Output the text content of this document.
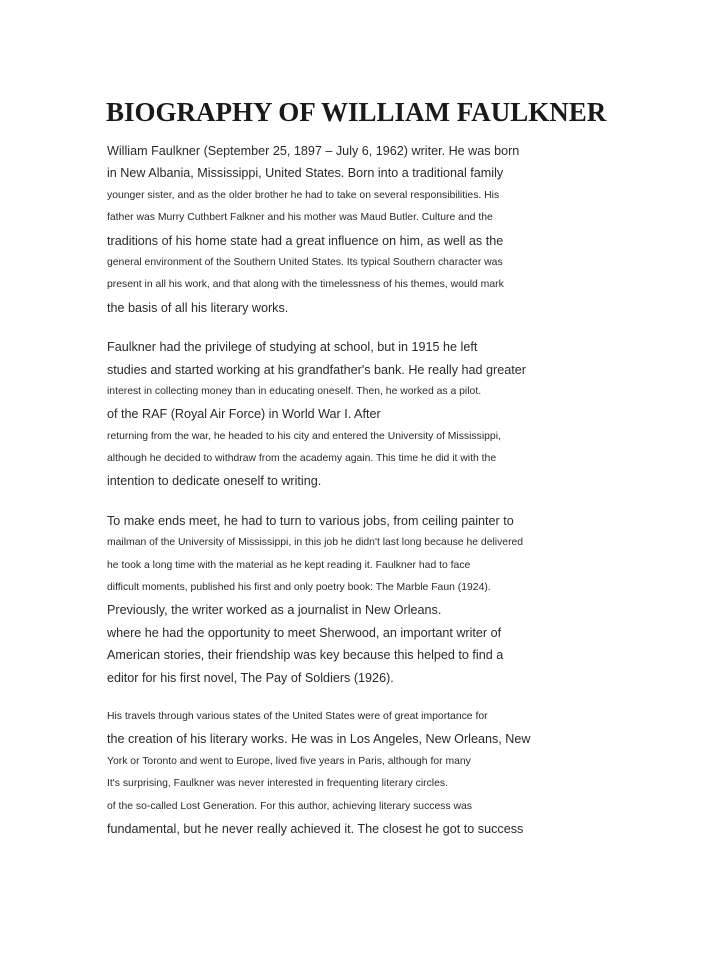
BIOGRAPHY OF WILLIAM FAULKNER
William Faulkner (September 25, 1897 – July 6, 1962) writer. He was born
in New Albania, Mississippi, United States. Born into a traditional family
younger sister, and as the older brother he had to take on several responsibilities. His
father was Murry Cuthbert Falkner and his mother was Maud Butler. Culture and the
traditions of his home state had a great influence on him, as well as the
general environment of the Southern United States. Its typical Southern character was
present in all his work, and that along with the timelessness of his themes, would mark
the basis of all his literary works.
Faulkner had the privilege of studying at school, but in 1915 he left
studies and started working at his grandfather's bank. He really had greater
interest in collecting money than in educating oneself. Then, he worked as a pilot.
of the RAF (Royal Air Force) in World War I. After
returning from the war, he headed to his city and entered the University of Mississippi,
although he decided to withdraw from the academy again. This time he did it with the
intention to dedicate oneself to writing.
To make ends meet, he had to turn to various jobs, from ceiling painter to
mailman of the University of Mississippi, in this job he didn't last long because he delivered
he took a long time with the material as he kept reading it. Faulkner had to face
difficult moments, published his first and only poetry book: The Marble Faun (1924).
Previously, the writer worked as a journalist in New Orleans.
where he had the opportunity to meet Sherwood, an important writer of
American stories, their friendship was key because this helped to find a
editor for his first novel, The Pay of Soldiers (1926).
His travels through various states of the United States were of great importance for
the creation of his literary works. He was in Los Angeles, New Orleans, New
York or Toronto and went to Europe, lived five years in Paris, although for many
It's surprising, Faulkner was never interested in frequenting literary circles.
of the so-called Lost Generation. For this author, achieving literary success was
fundamental, but he never really achieved it. The closest he got to success
